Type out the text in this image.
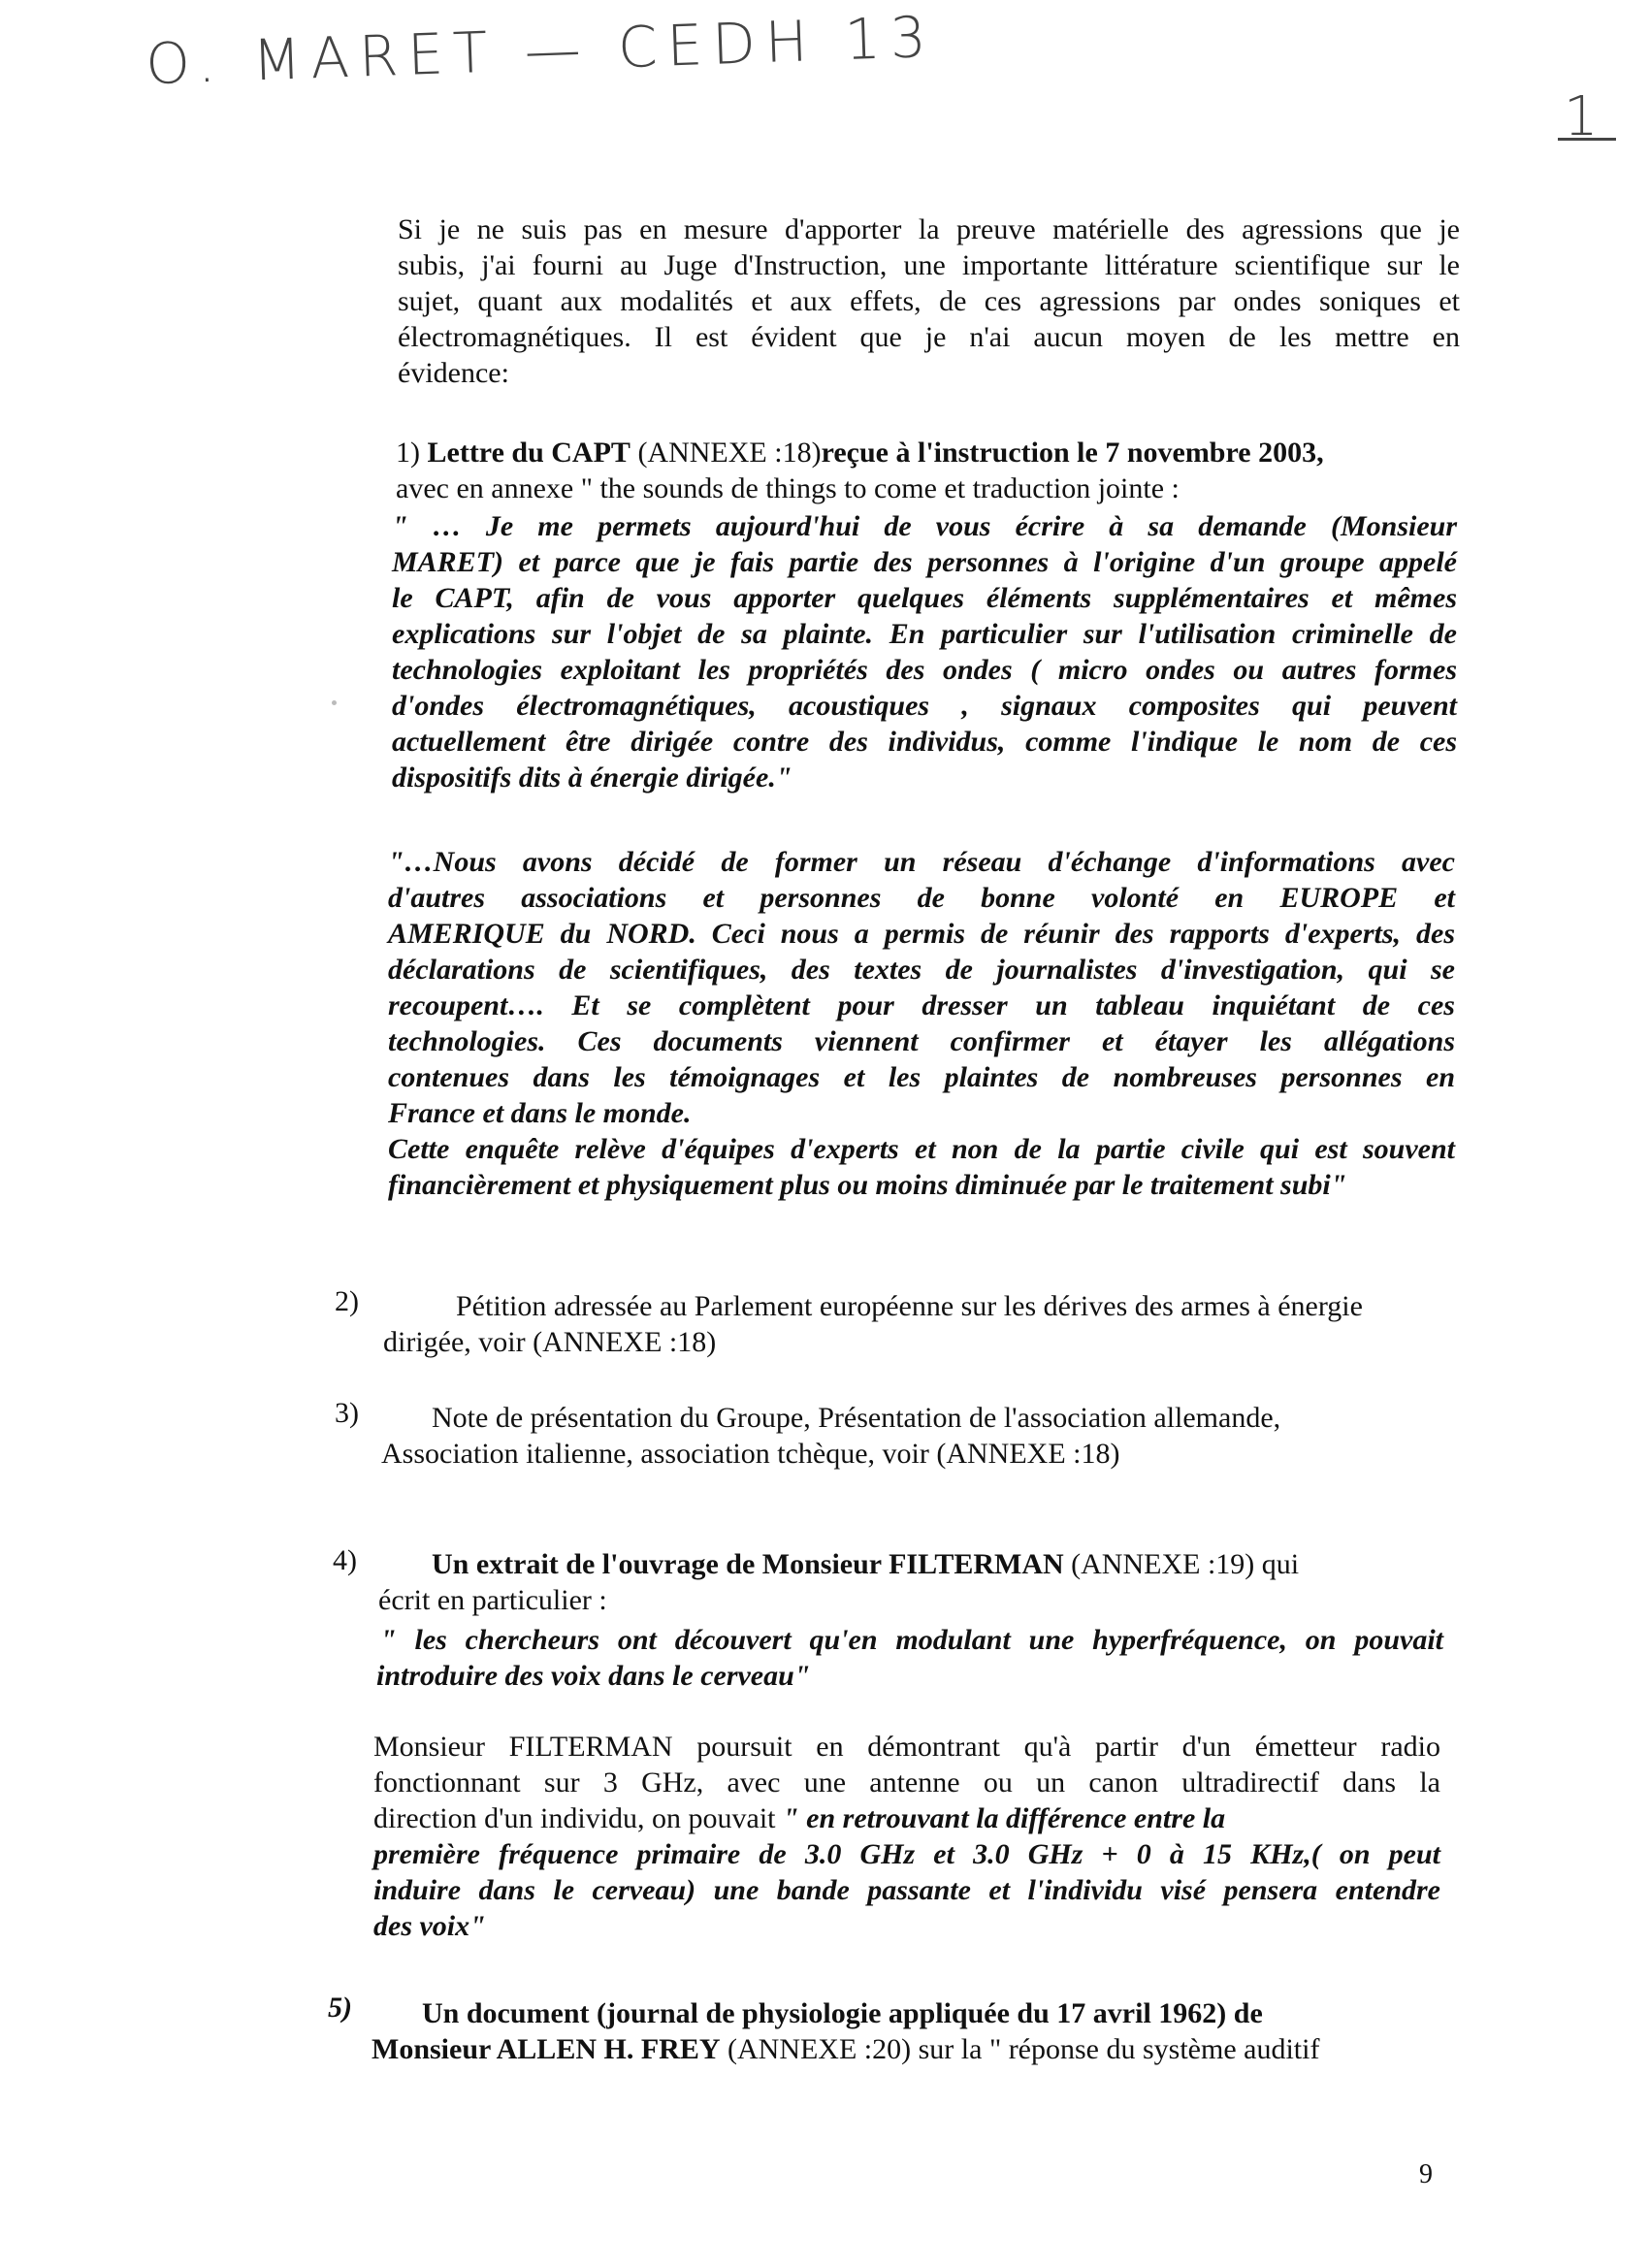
O. MARET — CEDH 13
1
Si je ne suis pas en mesure d'apporter la preuve matérielle des agressions que je
subis, j'ai fourni au Juge d'Instruction, une importante littérature scientifique sur le
sujet, quant aux modalités et aux effets, de ces agressions par ondes soniques et
électromagnétiques. Il est évident que je n'ai aucun moyen de les mettre en
évidence:
1) Lettre du CAPT (ANNEXE :18)reçue à l'instruction le 7 novembre 2003,
avec en annexe " the sounds de things to come et traduction jointe :
" … Je me permets aujourd'hui de vous écrire à sa demande (Monsieur
MARET) et parce que je fais partie des personnes à l'origine d'un groupe appelé
le CAPT, afin de vous apporter quelques éléments supplémentaires et mêmes
explications sur l'objet de sa plainte. En particulier sur l'utilisation criminelle de
technologies exploitant les propriétés des ondes ( micro ondes ou autres formes
d'ondes électromagnétiques, acoustiques , signaux composites qui peuvent
actuellement être dirigée contre des individus, comme l'indique le nom de ces
dispositifs dits à énergie dirigée."
"…Nous avons décidé de former un réseau d'échange d'informations avec
d'autres associations et personnes de bonne volonté en EUROPE et
AMERIQUE du NORD. Ceci nous a permis de réunir des rapports d'experts, des
déclarations de scientifiques, des textes de journalistes d'investigation, qui se
recoupent…. Et se complètent pour dresser un tableau inquiétant de ces
technologies. Ces documents viennent confirmer et étayer les allégations
contenues dans les témoignages et les plaintes de nombreuses personnes en
France et dans le monde.
Cette enquête relève d'équipes d'experts et non de la partie civile qui est souvent
financièrement et physiquement plus ou moins diminuée par le traitement subi"
2)	Pétition adressée au Parlement européenne sur les dérives des armes à énergie
dirigée, voir (ANNEXE :18)
3)	Note de présentation du Groupe, Présentation de l'association allemande,
Association italienne, association tchèque, voir (ANNEXE :18)
4)	Un extrait de l'ouvrage de Monsieur FILTERMAN (ANNEXE :19) qui
écrit en particulier :
" les chercheurs ont découvert qu'en modulant une hyperfréquence, on pouvait
introduire des voix dans le cerveau"
Monsieur FILTERMAN poursuit en démontrant qu'à partir d'un émetteur radio
fonctionnant sur 3 GHz, avec une antenne ou un canon ultradirectif dans la
direction d'un individu, on pouvait " en retrouvant la différence entre la
première fréquence primaire de 3.0 GHz et 3.0 GHz + 0 à 15 KHz,( on peut
induire dans le cerveau) une bande passante et l'individu visé pensera entendre
des voix"
5)	Un document (journal de physiologie appliquée du 17 avril 1962) de
Monsieur ALLEN H. FREY (ANNEXE :20) sur la " réponse du système auditif
9
